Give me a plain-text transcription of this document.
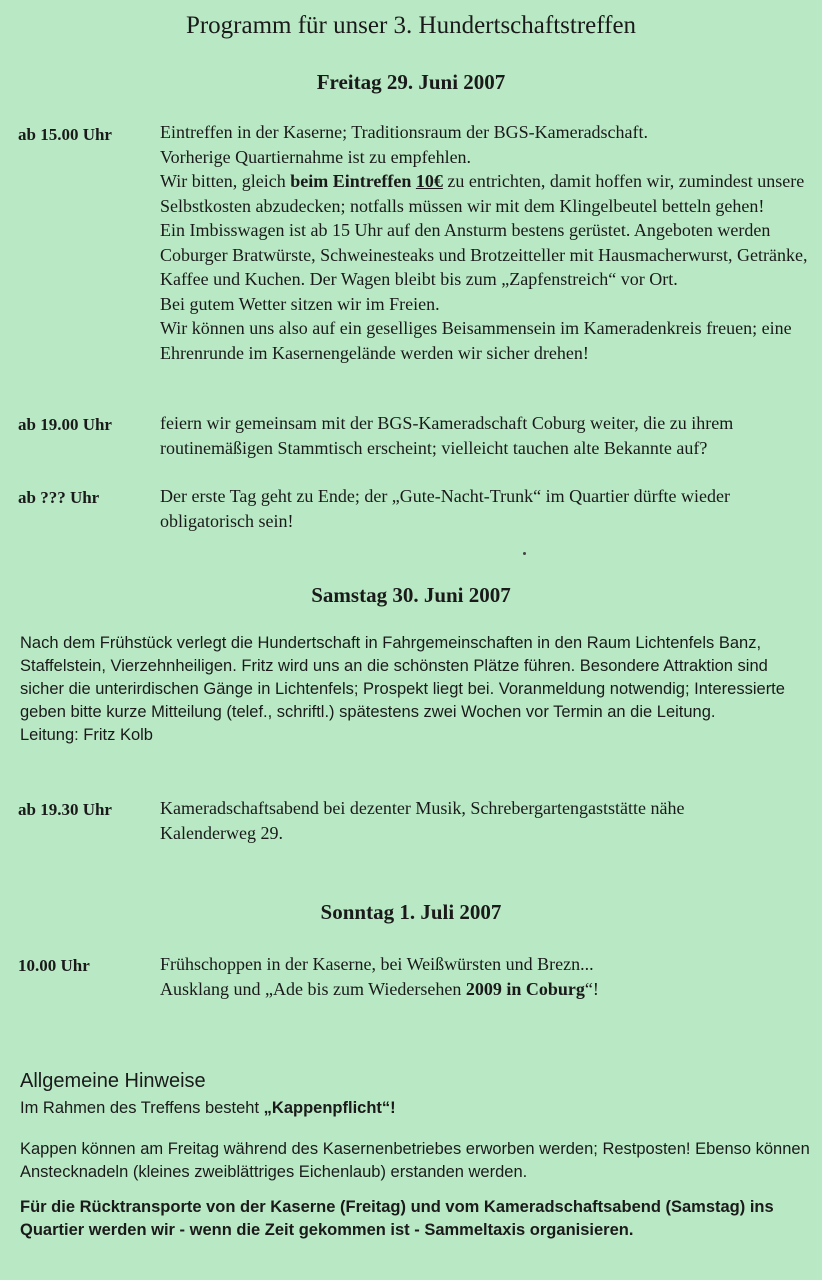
Programm für unser 3. Hundertschaftstreffen
Freitag 29. Juni 2007
ab 15.00 Uhr	Eintreffen in der Kaserne; Traditionsraum der BGS-Kameradschaft.

Vorherige Quartiernahme ist zu empfehlen.

Wir bitten, gleich beim Eintreffen 10€ zu entrichten, damit hoffen wir, zumindest unsere Selbstkosten abzudecken; notfalls müssen wir mit dem Klingelbeutel betteln gehen!

Ein Imbisswagen ist ab 15 Uhr auf den Ansturm bestens gerüstet. Angeboten werden Coburger Bratwürste, Schweinesteaks und Brotzeitteller mit Hausmacherwurst, Getränke, Kaffee und Kuchen. Der Wagen bleibt bis zum „Zapfenstreich“ vor Ort.

Bei gutem Wetter sitzen wir im Freien.

Wir können uns also auf ein geselliges Beisammensein im Kameradenkreis freuen; eine Ehrenrunde im Kasernengelände werden wir sicher drehen!

ab 19.00 Uhr	feiern wir gemeinsam mit der BGS-Kameradschaft Coburg weiter, die zu ihrem routinemäßigen Stammtisch erscheint; vielleicht tauchen alte Bekannte auf?
ab ??? Uhr	Der erste Tag geht zu Ende; der „Gute-Nacht-Trunk“ im Quartier dürfte wieder obligatorisch sein!
Samstag 30. Juni 2007

Nach dem Frühstück verlegt die Hundertschaft in Fahrgemeinschaften in den Raum Lichtenfels Banz, Staffelstein, Vierzehnheiligen. Fritz wird uns an die schönsten Plätze führen. Besondere Attraktion sind sicher die unterirdischen Gänge in Lichtenfels; Prospekt liegt bei. Voranmeldung notwendig; Interessierte geben bitte kurze Mitteilung (telef., schriftl.) spätestens zwei Wochen vor Termin an die Leitung.

Leitung: Fritz Kolb

ab 19.30 Uhr	Kameradschaftsabend bei dezenter Musik, Schrebergartengaststätte nähe Kalenderweg 29.
Sonntag 1. Juli 2007
10.00 Uhr	Frühschoppen in der Kaserne, bei Weißwürsten und Brezn...

Ausklang und „Ade bis zum Wiedersehen 2009 in Coburg“!

Allgemeine Hinweise

Im Rahmen des Treffens besteht „Kappenpflicht“!

Kappen können am Freitag während des Kasernenbetriebes erworben werden; Restposten! Ebenso können Anstecknadeln (kleines zweiblättriges Eichenlaub) erstanden werden.
Für die Rücktransporte von der Kaserne (Freitag) und vom Kameradschaftsabend (Samstag) ins Quartier werden wir - wenn die Zeit gekommen ist - Sammeltaxis organisieren.
